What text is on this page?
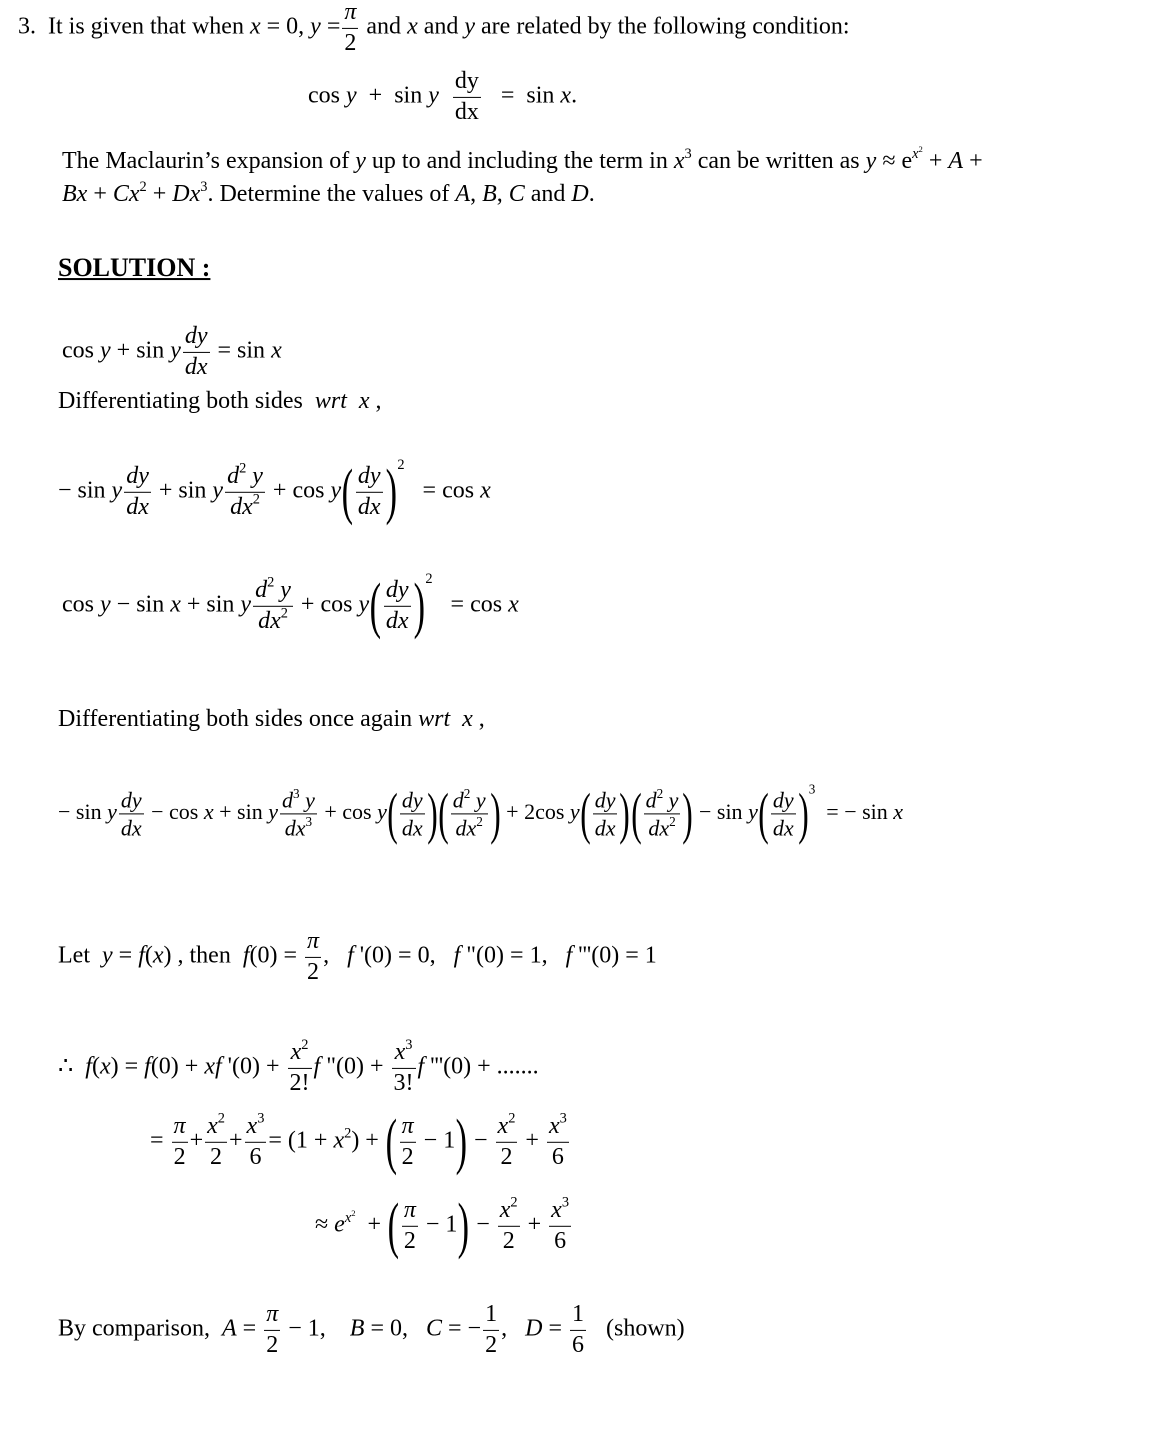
3.  It is given that when x = 0, $y = \frac{\pi}{2}$ and x and y are related by the following condition:
cos y  +  sin y $\frac{dy}{dx} = \sin x$.
The Maclaurin’s expansion of y up to and including the term in $x^3$ can be written as $y \approx e^{x^2} + A$ +
$Bx + Cx^2 + Dx^3$. Determine the values of A, B, C and D.
SOLUTION :
cos y + sin y $\frac{dy}{dx} = \sin x$
Differentiating both sides  wrt  x ,
− sin y $\frac{dy}{dx} + \sin y \frac{d^2 y}{dx^2} + \cos y( \frac{dy}{dx} )2 = \cos x$
cos y − sin x + sin y $\frac{d^2 y}{dx^2} + \cos y( \frac{dy}{dx} )2 = \cos x$
Differentiating both sides once again wrt  x ,
− sin y $\frac{dy}{dx} - \cos x + \sin y \frac{d^3 y}{dx^3} + \cos y( \frac{dy}{dx}$ )( $\frac{d^2 y}{dx^2}$ ) + 2cos $y( \frac{dy}{dx}$ )( $\frac{d^2 y}{dx^2}$ ) − $\sin y( \frac{dy}{dx} )3$  = − sin x
Let  y = f(x) , then  $f(0) = \frac{\pi}{2}$ ,   f '(0) = 0,   f "(0) = 1,   f '''(0) = 1
∴  f(x) = f(0) + xf '$(0) + \frac{x^2}{2!}$ f "$(0) + \frac{x^3}{3!}$ f '''(0) + .......
= $\frac{\pi}{2} + \frac{x^2}{2} + \frac{x^3}{6} = (1 + x^2)$ + ( $\frac{\pi}{2} - 1) - \frac{x^2}{2} + \frac{x^3}{6}$
≈ $e^{x^2}$  + ( $\frac{\pi}{2} - 1) - \frac{x^2}{2} + \frac{x^3}{6}$
By comparison,  $A = \frac{\pi}{2} - 1$,    B = 0,   C = − $\frac{1}{2}$ ,   $D = \frac{1}{6}$ (shown)
